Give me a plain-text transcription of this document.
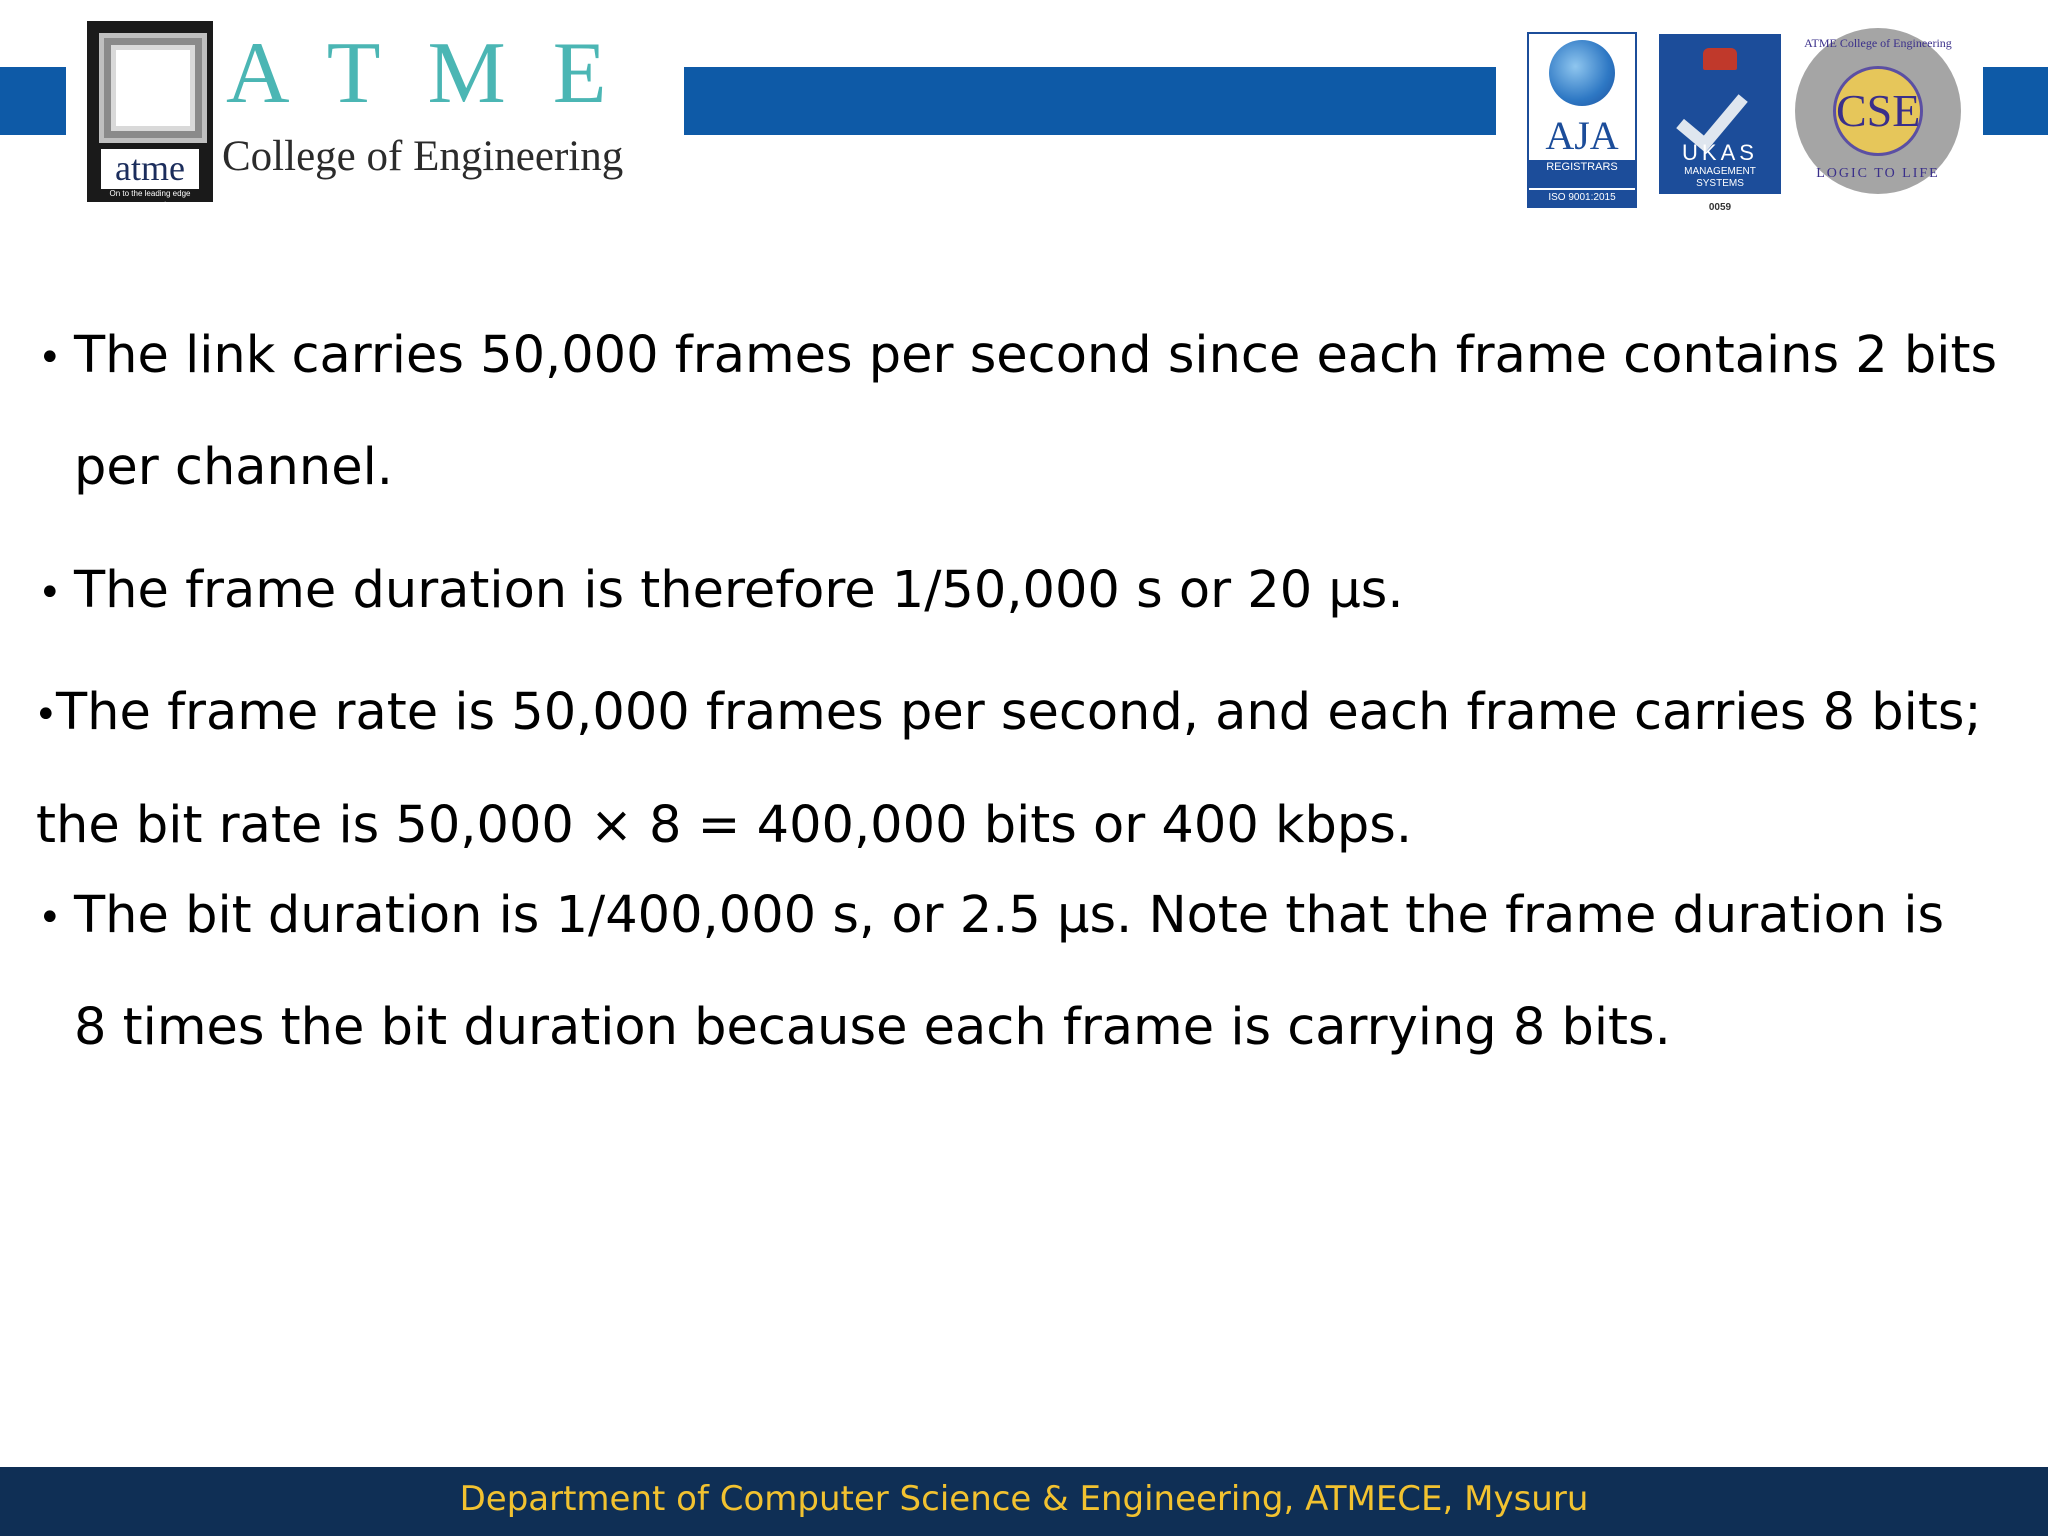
atme
On to the leading edge
www.atme.in
ATME
College of Engineering	AJA
REGISTRARS
ISO 9001:2015
UKAS
MANAGEMENT SYSTEMS
0059
ATME College of Engineering
CSE
LOGIC TO LIFE
• The link carries 50,000 frames per second since each frame contains 2 bits
per channel.
• The frame duration is therefore 1/50,000 s or 20 µs.
•
The frame rate is 50,000 frames per second, and each frame carries 8 bits;
the bit rate is 50,000 × 8 = 400,000 bits or 400 kbps.
• The bit duration is 1/400,000 s, or 2.5 µs. Note that the frame duration is
8 times the bit duration because each frame is carrying 8 bits.
Department of Computer Science & Engineering, ATMECE, Mysuru
